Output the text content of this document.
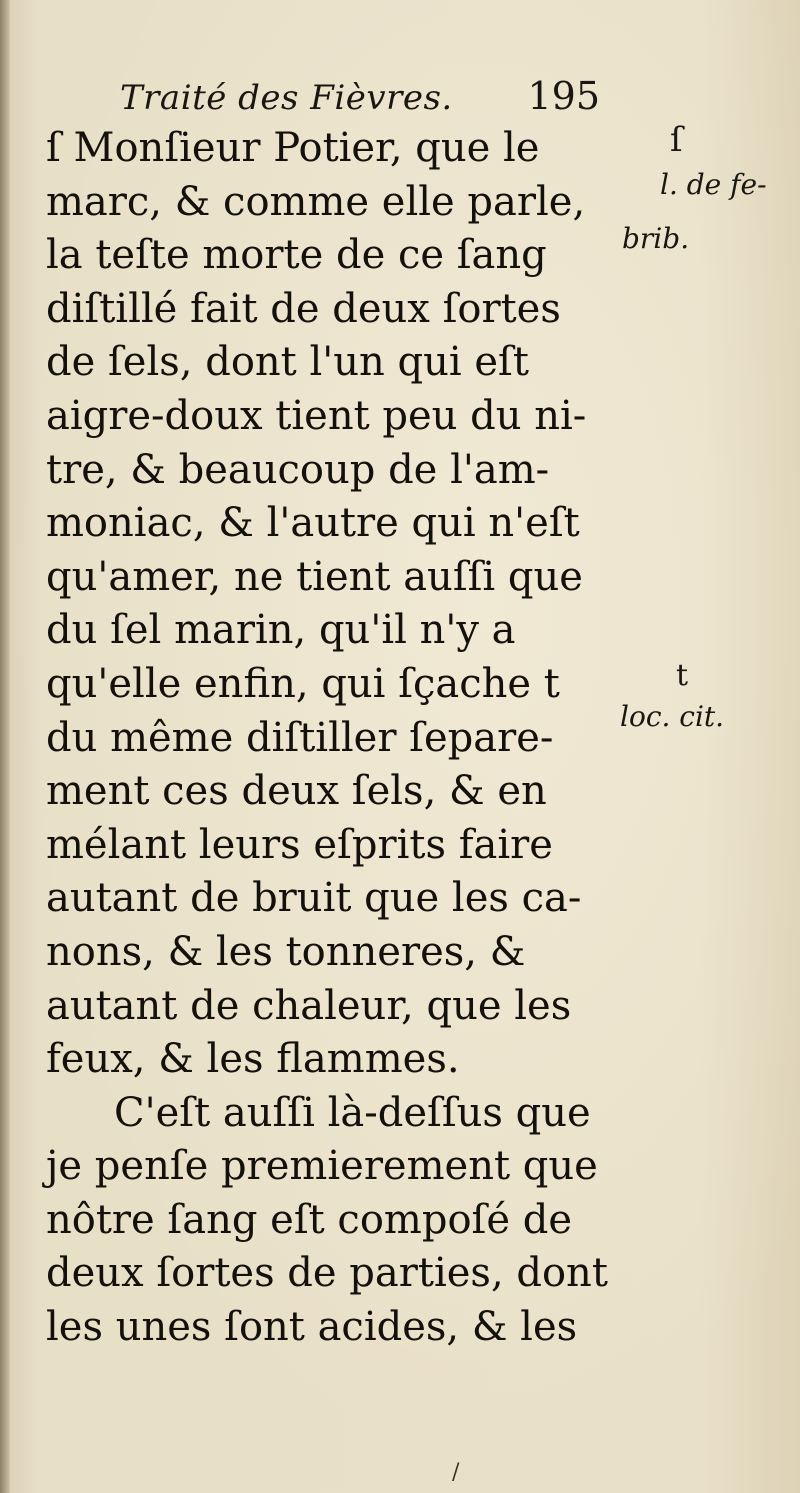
Traité des Fièvres. 195
ſ Monſieur Potier, que le
marc, & comme elle parle,
la teſte morte de ce ſang
diſtillé fait de deux ſortes
de ſels, dont l'un qui eſt
aigre-doux tient peu du ni-
tre, & beaucoup de l'am-
moniac, & l'autre qui n'eſt
qu'amer, ne tient auſſi que
du ſel marin, qu'il n'y a
qu'elle enfin, qui ſçache t
du même diſtiller ſepare-
ment ces deux ſels, & en
mélant leurs eſprits faire
autant de bruit que les ca-
nons, & les tonneres, &
autant de chaleur, que les
feux, & les flammes.
C'eſt auſſi là-deſſus que
je penſe premierement que
nôtre ſang eſt compoſé de
deux ſortes de parties, dont
les unes ſont acides, & les
ſ
l. de fe-
brib.
t
loc. cit.
/
